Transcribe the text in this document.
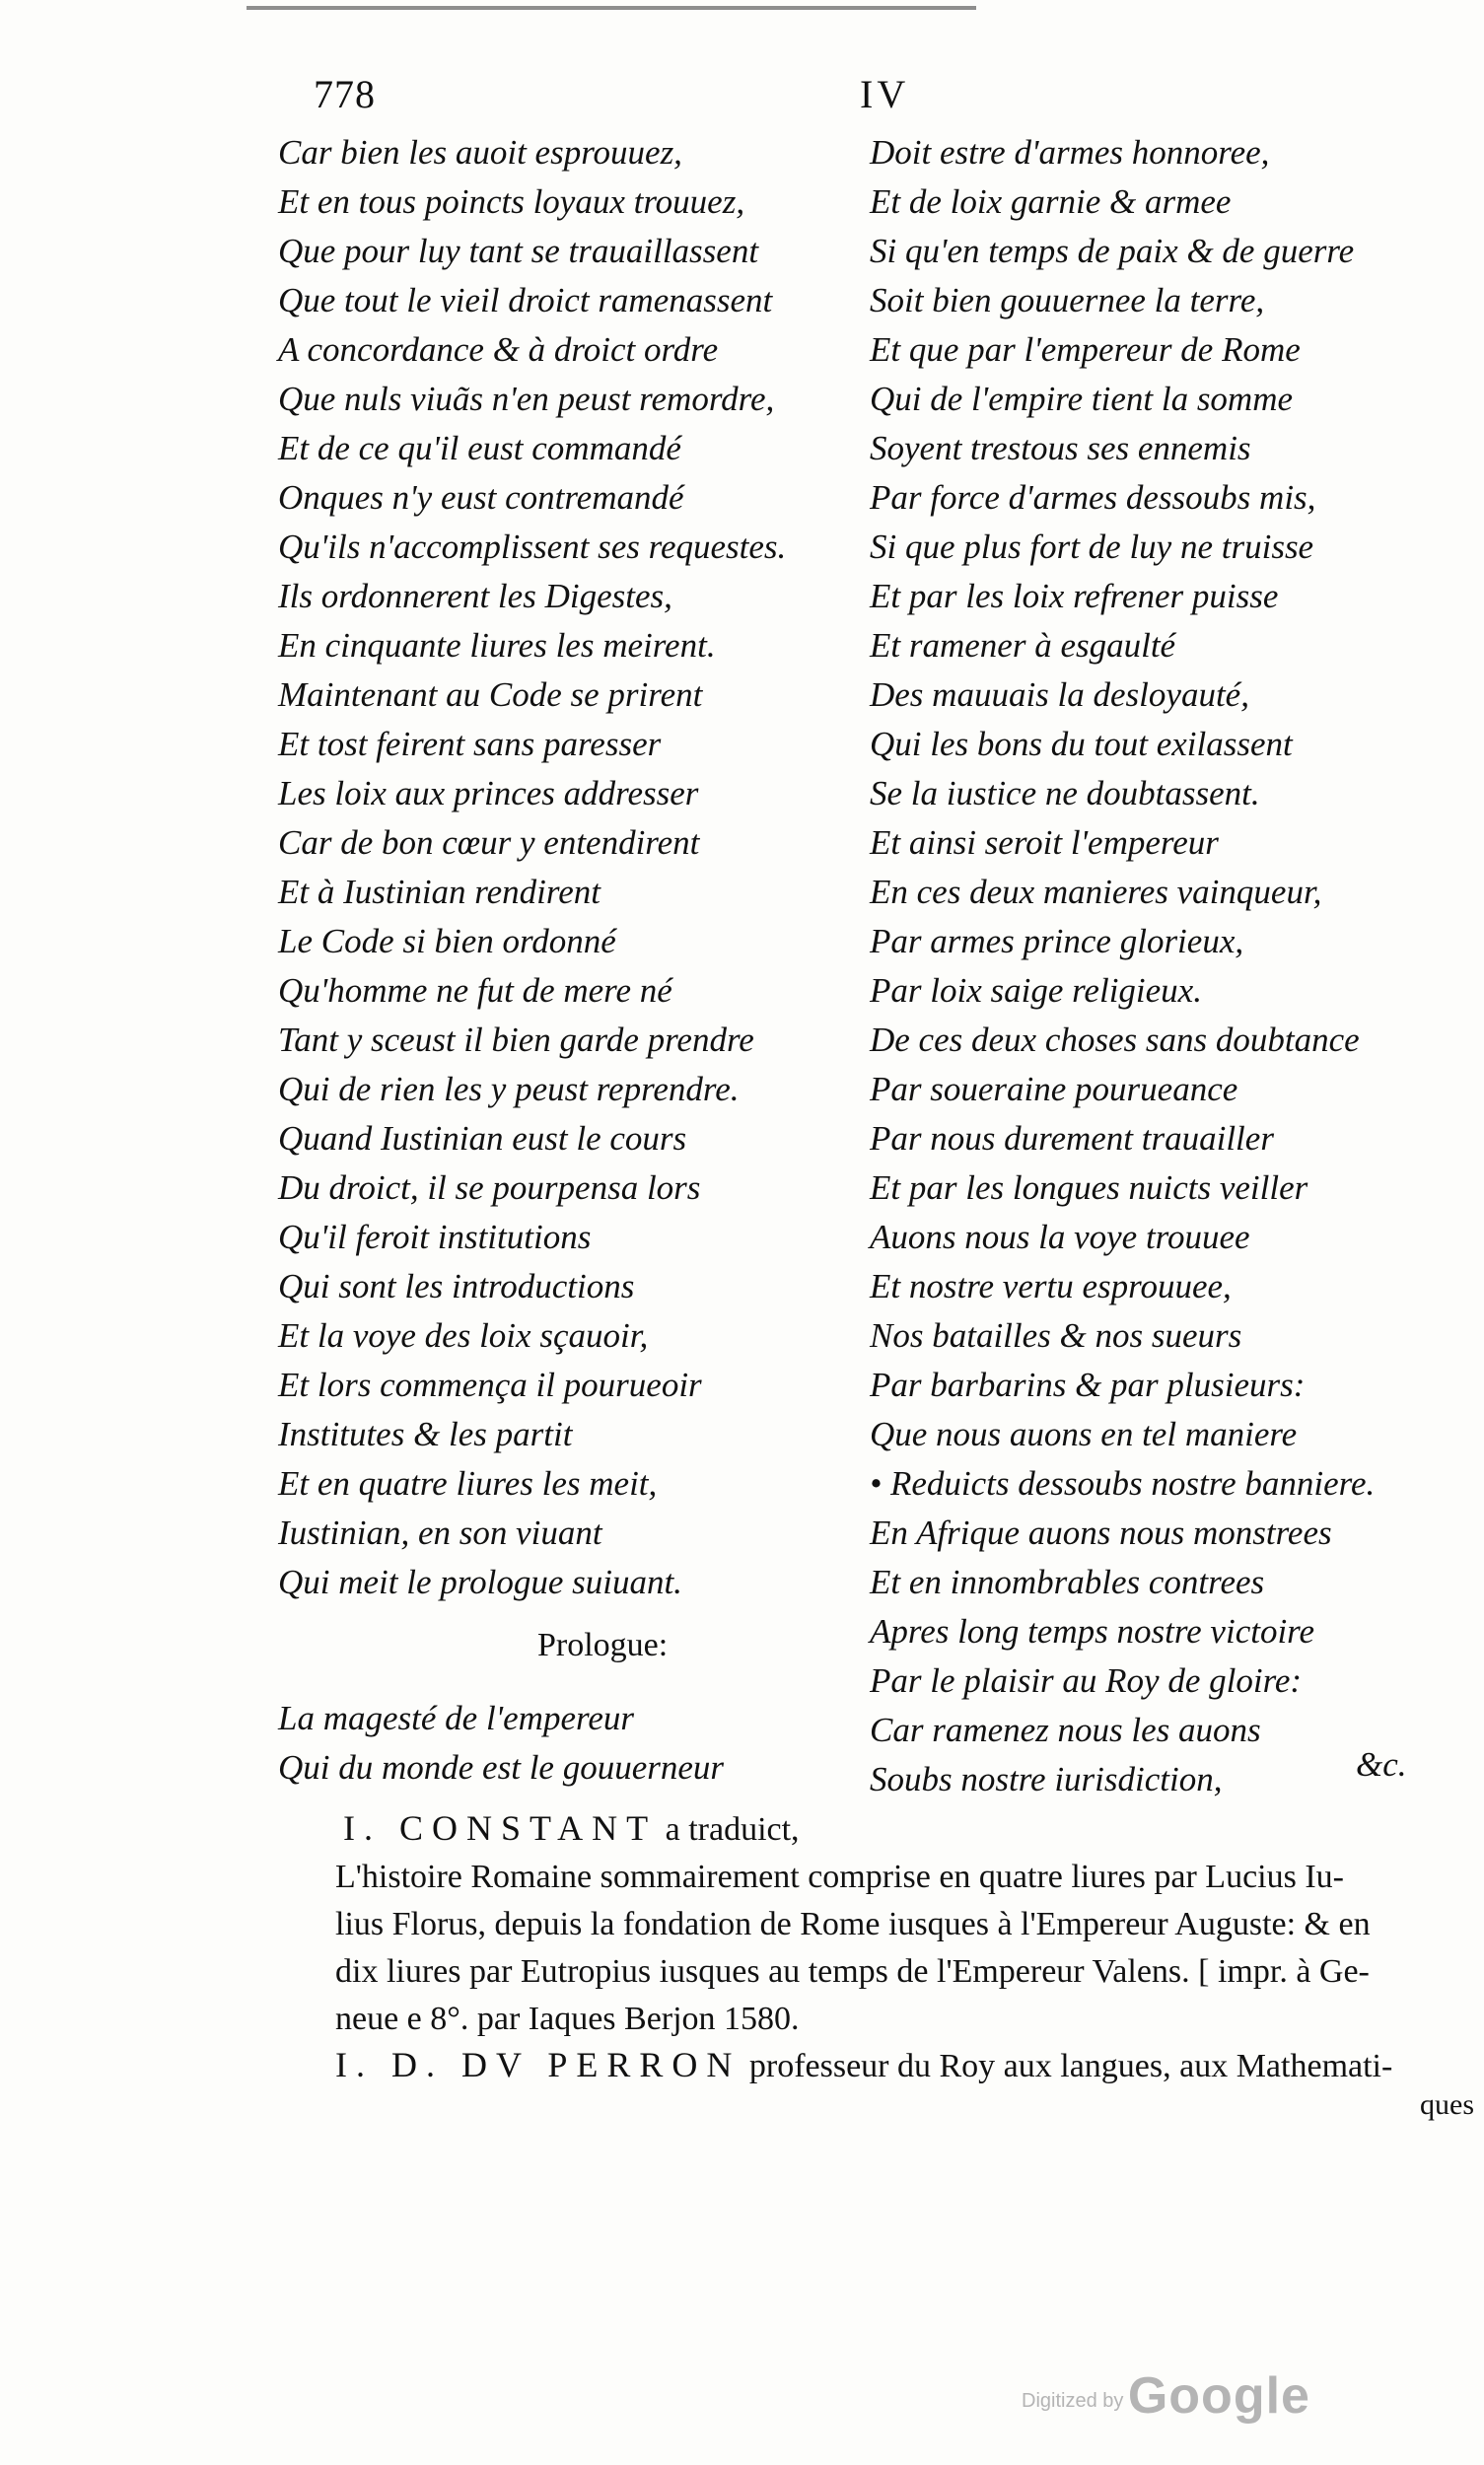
778	IV
Car bien les auoit esprouuez,
Et en tous poincts loyaux trouuez,
Que pour luy tant se trauaillassent
Que tout le vieil droict ramenassent
A concordance & à droict ordre
Que nuls viuãs n'en peust remordre,
Et de ce qu'il eust commandé
Onques n'y eust contremandé
Qu'ils n'accomplissent ses requestes.
Ils ordonnerent les Digestes,
En cinquante liures les meirent.
Maintenant au Code se prirent
Et tost feirent sans paresser
Les loix aux princes addresser
Car de bon cœur y entendirent
Et à Iustinian rendirent
Le Code si bien ordonné
Qu'homme ne fut de mere né
Tant y sceust il bien garde prendre
Qui de rien les y peust reprendre.
Quand Iustinian eust le cours
Du droict, il se pourpensa lors
Qu'il feroit institutions
Qui sont les introductions
Et la voye des loix sçauoir,
Et lors commença il pourueoir
Institutes & les partit
Et en quatre liures les meit,
Iustinian, en son viuant
Qui meit le prologue suiuant.
Prologue:
La magesté de l'empereur
Qui du monde est le gouuerneur
Doit estre d'armes honnoree,
Et de loix garnie & armee
Si qu'en temps de paix & de guerre
Soit bien gouuernee la terre,
Et que par l'empereur de Rome
Qui de l'empire tient la somme
Soyent trestous ses ennemis
Par force d'armes dessoubs mis,
Si que plus fort de luy ne truisse
Et par les loix refrener puisse
Et ramener à esgaulté
Des mauuais la desloyauté,
Qui les bons du tout exilassent
Se la iustice ne doubtassent.
Et ainsi seroit l'empereur
En ces deux manieres vainqueur,
Par armes prince glorieux,
Par loix saige religieux.
De ces deux choses sans doubtance
Par soueraine pourueance
Par nous durement trauailler
Et par les longues nuicts veiller
Auons nous la voye trouuee
Et nostre vertu esprouuee,
Nos batailles & nos sueurs
Par barbarins & par plusieurs:
Que nous auons en tel maniere
• Reduicts dessoubs nostre banniere.
En Afrique auons nous monstrees
Et en innombrables contrees
Apres long temps nostre victoire
Par le plaisir au Roy de gloire:
Car ramenez nous les auons
Soubs nostre iurisdiction,	&c.
I. CONSTANT a traduict,
L'histoire Romaine sommairement comprise en quatre liures par Lucius Iu-
lius Florus, depuis la fondation de Rome iusques à l'Empereur Auguste: & en
dix liures par Eutropius iusques au temps de l'Empereur Valens. [ impr. à Ge-
neue e 8°. par Iaques Berjon 1580.
I. D. DV PERRON professeur du Roy aux langues, aux Mathemati-
ques
Digitized by Google
